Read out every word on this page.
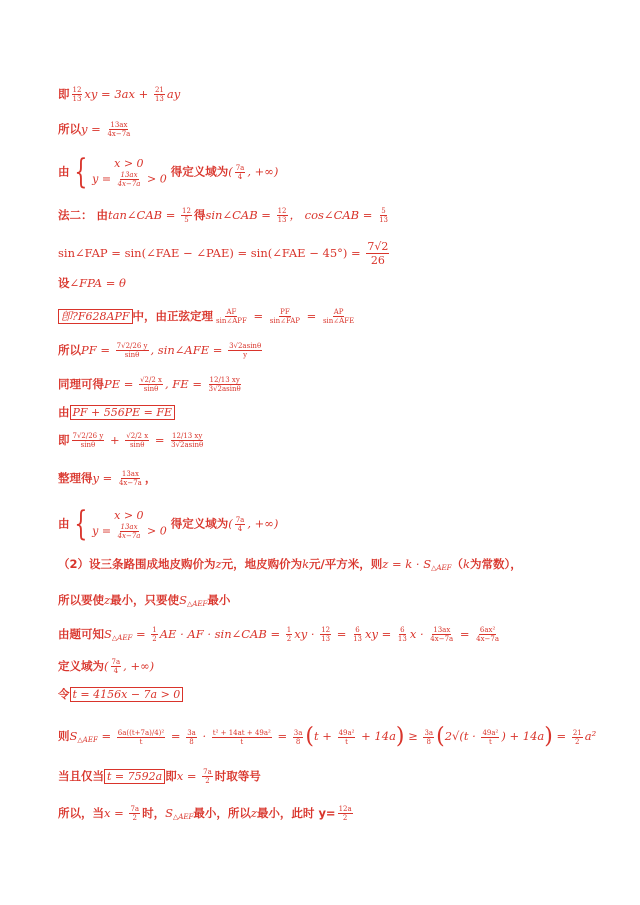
即 $\frac{12}{13}$ xy = $3ax + \frac{21}{13}$ ay
所以$y = \frac{13ax}{4x-7a}$
由 {	x > 0
$y = \frac{13ax}{4x-7a} > 0$
得定义域为( $\frac{7a}{4}$ , +∞)
法二： 由tan∠CAB = $\frac{12}{5}$ 得sin∠CAB = $\frac{12}{13}$ ， cos∠CAB = $\frac{5}{13}$
sin∠FAP = sin(∠FAE − ∠PAE) = sin(∠FAE − $45^\circ) = \frac{7√2}{26}$
设∠FPA = θ
卽?F628APF 中，由正弦定理 $\frac{AF}{\text{sin∠APF}} = \frac{PF}{\text{sin∠FAP}} = \frac{AP}{\text{sin∠AFE}}$
所以PF = $\frac{7√2/26 y}{\sin\theta}$ , sin∠AFE = $\frac{3√2asin\theta}{y}$
同理可得PE = $\frac{√2/2 x}{\sin\theta}$ , FE = $\frac{12/13 xy}{3√2asin\theta}$
由 PF + 556PE = FE
即 $\frac{7√2/26 y}{\sin\theta} + \frac{√2/2 x}{\sin\theta} = \frac{12/13 xy}{3√2asin\theta}$
整理得$y = \frac{13ax}{4x-7a}$ ，
由 {	x > 0
$y = \frac{13ax}{4x-7a} > 0$
得定义域为( $\frac{7a}{4}$ , +∞)
（2）设三条路围成地皮购价为z元，地皮购价为k元/平方米，则$z = k \cdot S_{\triangle AEF}(k$为常数），
所以要使z最小，只要使$S_{\triangle AEF}$最小
由题可知$S_{\triangle AEF} = \frac{1}{2}$ AE · AF · sin∠CAB = $\frac{1}{2}$ xy · $\frac{12}{13} = \frac{6}{13}$ xy = $\frac{6}{13}$ $x \cdot \frac{13ax}{4x-7a} = \frac{\text{6ax²}}{4x-7a}$
定义域为( $\frac{7a}{4}$ , +∞)
令 t = 4156x − 7a > 0
则$S_{\triangle AEF} = \frac{\text{6a((t+7a)/4)²}}{t} = \frac{3a}{8} \cdot \frac{\text{t² + 14at + 49a²}}{t} = \frac{3a}{8} (t + \frac{\text{49a²}}{t} + 14a) \ge \frac{3a}{8} (2√(t \cdot \frac{\text{49a²}}{t}$ ) + $14a) = \frac{21}{2} a^2$
当且仅当 t = 7592a 即$x = \frac{7a}{2}$ 时取等号
所以，当$x = \frac{7a}{2}$ 时，$S_{\triangle AEF}$最小，所以z最小，此时 $y= \frac{12a}{2}$
